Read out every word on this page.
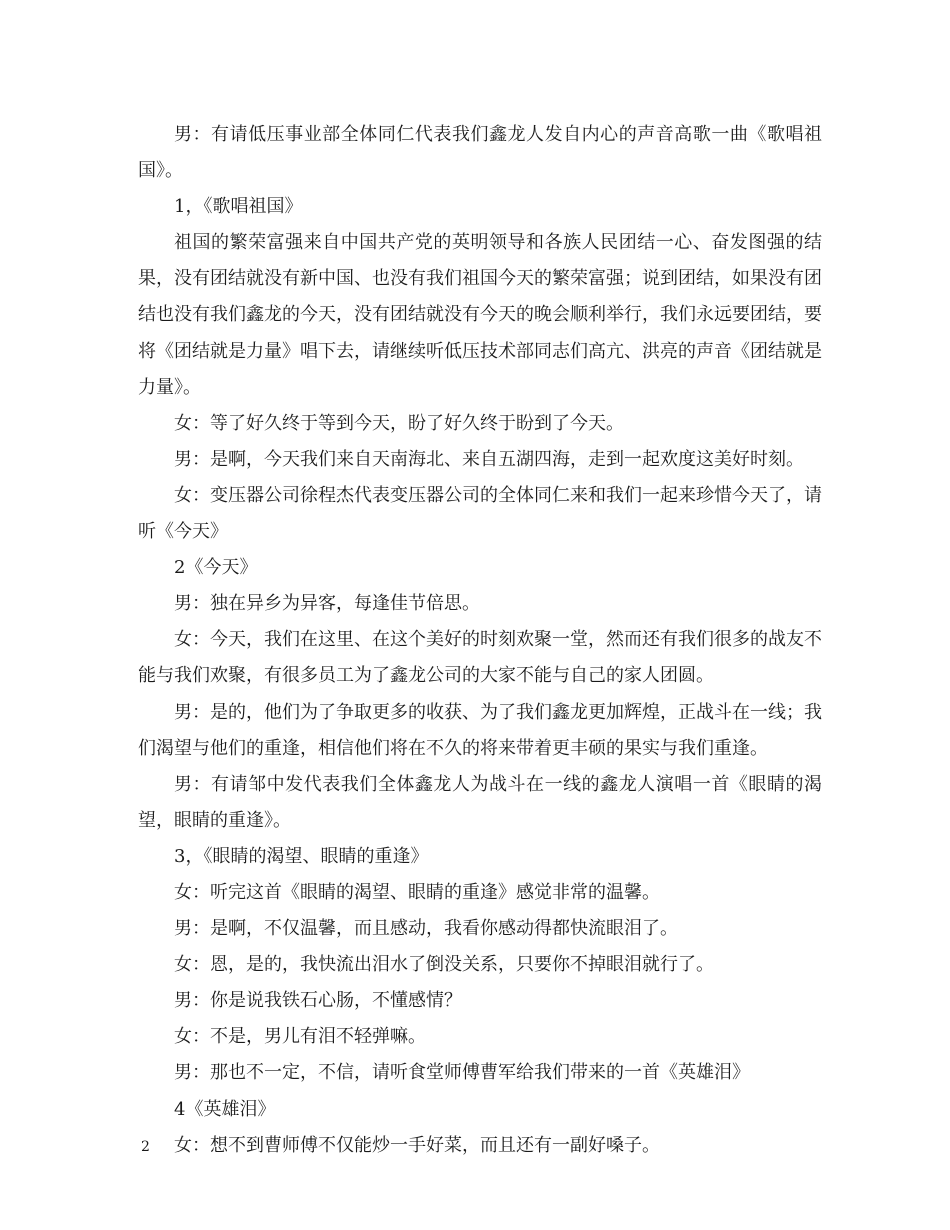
男：有请低压事业部全体同仁代表我们鑫龙人发自内心的声音高歌一曲《歌唱祖国》。

1，《歌唱祖国》

祖国的繁荣富强来自中国共产党的英明领导和各族人民团结一心、奋发图强的结果，没有团结就没有新中国、也没有我们祖国今天的繁荣富强；说到团结，如果没有团结也没有我们鑫龙的今天，没有团结就没有今天的晚会顺利举行，我们永远要团结，要将《团结就是力量》唱下去，请继续听低压技术部同志们高亢、洪亮的声音《团结就是力量》。

女：等了好久终于等到今天，盼了好久终于盼到了今天。

男：是啊，今天我们来自天南海北、来自五湖四海，走到一起欢度这美好时刻。

女：变压器公司徐程杰代表变压器公司的全体同仁来和我们一起来珍惜今天了，请听《今天》

2《今天》

男：独在异乡为异客，每逢佳节倍思。

女：今天，我们在这里、在这个美好的时刻欢聚一堂，然而还有我们很多的战友不能与我们欢聚，有很多员工为了鑫龙公司的大家不能与自己的家人团圆。

男：是的，他们为了争取更多的收获、为了我们鑫龙更加辉煌，正战斗在一线；我们渴望与他们的重逢，相信他们将在不久的将来带着更丰硕的果实与我们重逢。

男：有请邹中发代表我们全体鑫龙人为战斗在一线的鑫龙人演唱一首《眼睛的渴望，眼睛的重逢》。

3，《眼睛的渴望、眼睛的重逢》

女：听完这首《眼睛的渴望、眼睛的重逢》感觉非常的温馨。

男：是啊，不仅温馨，而且感动，我看你感动得都快流眼泪了。

女：恩，是的，我快流出泪水了倒没关系，只要你不掉眼泪就行了。

男：你是说我铁石心肠，不懂感情？

女：不是，男儿有泪不轻弹嘛。

男：那也不一定，不信，请听食堂师傅曹军给我们带来的一首《英雄泪》

4《英雄泪》

女：想不到曹师傅不仅能炒一手好菜，而且还有一副好嗓子。

2
